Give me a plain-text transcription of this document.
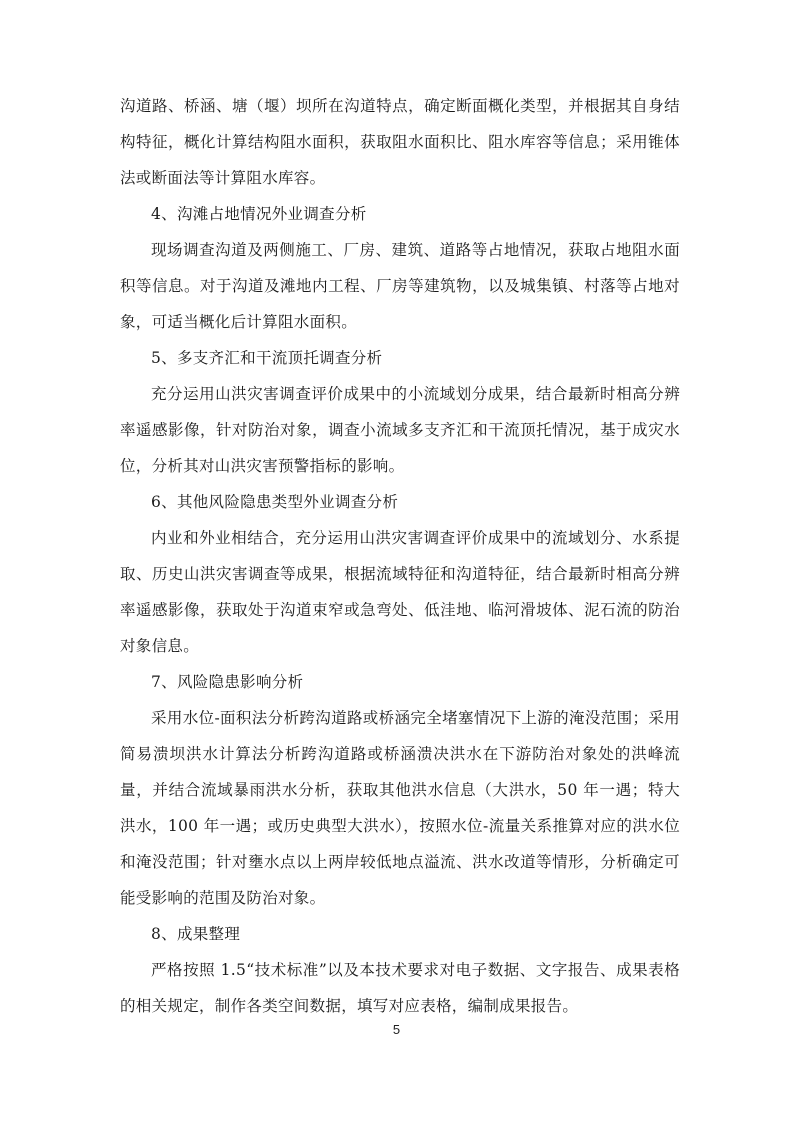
沟道路、桥涵、塘（堰）坝所在沟道特点，确定断面概化类型，并根据其自身结构特征，概化计算结构阻水面积，获取阻水面积比、阻水库容等信息；采用锥体法或断面法等计算阻水库容。

4、沟滩占地情况外业调查分析

现场调查沟道及两侧施工、厂房、建筑、道路等占地情况，获取占地阻水面积等信息。对于沟道及滩地内工程、厂房等建筑物，以及城集镇、村落等占地对象，可适当概化后计算阻水面积。

5、多支齐汇和干流顶托调查分析

充分运用山洪灾害调查评价成果中的小流域划分成果，结合最新时相高分辨率遥感影像，针对防治对象，调查小流域多支齐汇和干流顶托情况，基于成灾水位，分析其对山洪灾害预警指标的影响。

6、其他风险隐患类型外业调查分析

内业和外业相结合，充分运用山洪灾害调查评价成果中的流域划分、水系提取、历史山洪灾害调查等成果，根据流域特征和沟道特征，结合最新时相高分辨率遥感影像，获取处于沟道束窄或急弯处、低洼地、临河滑坡体、泥石流的防治对象信息。

7、风险隐患影响分析

采用水位-面积法分析跨沟道路或桥涵完全堵塞情况下上游的淹没范围；采用简易溃坝洪水计算法分析跨沟道路或桥涵溃决洪水在下游防治对象处的洪峰流量，并结合流域暴雨洪水分析，获取其他洪水信息（大洪水，50 年一遇；特大洪水，100 年一遇；或历史典型大洪水），按照水位-流量关系推算对应的洪水位和淹没范围；针对壅水点以上两岸较低地点溢流、洪水改道等情形，分析确定可能受影响的范围及防治对象。

8、成果整理

严格按照 1.5“技术标准”以及本技术要求对电子数据、文字报告、成果表格的相关规定，制作各类空间数据，填写对应表格，编制成果报告。

5
